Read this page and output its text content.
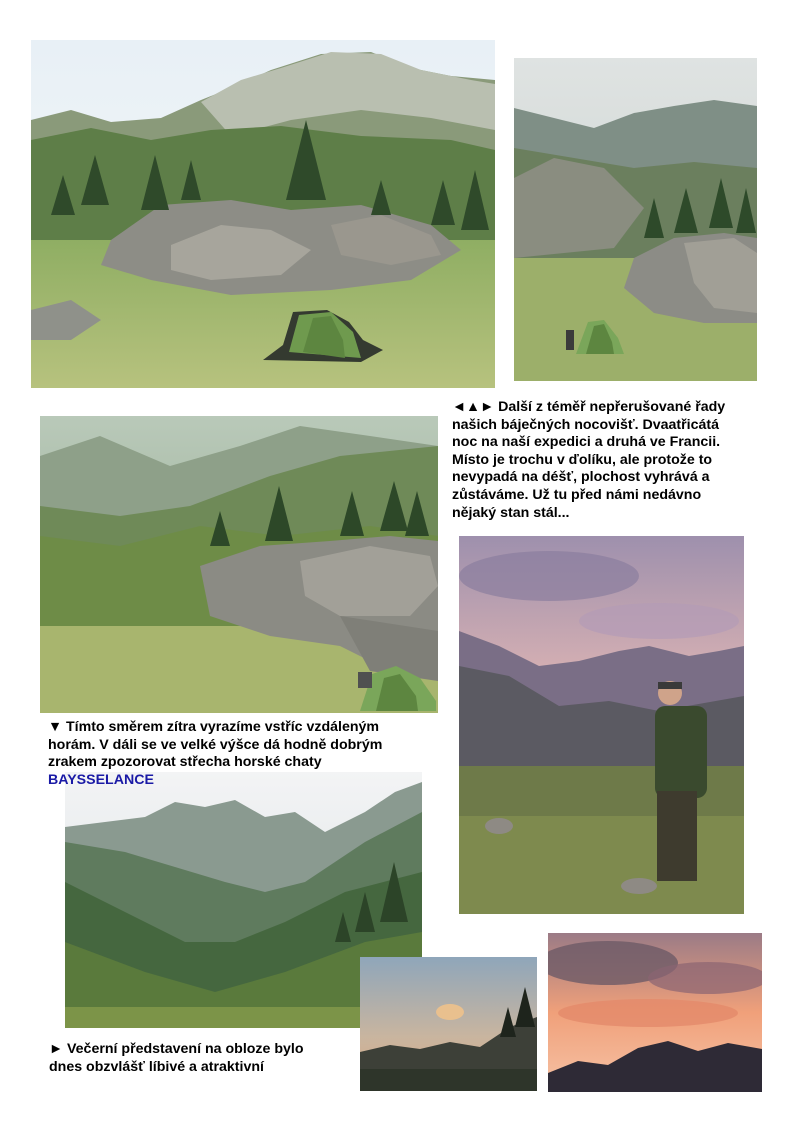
◄▲► Další z téměř nepřerušované řady
našich báječných nocovišť. Dvaatřicátá
noc na naší expedici a druhá ve Francii.
Místo je trochu v ďolíku, ale protože to
nevypadá na déšť, plochost vyhrává a
zůstáváme. Už tu před námi nedávno
nějaký stan stál...
▼ Tímto směrem zítra vyrazíme vstříc vzdáleným
horám. V dáli se ve velké výšce dá hodně dobrým
zrakem zpozorovat střecha horské chaty
BAYSSELANCE
► Večerní představení na obloze bylo
dnes obzvlášť líbivé a atraktivní
